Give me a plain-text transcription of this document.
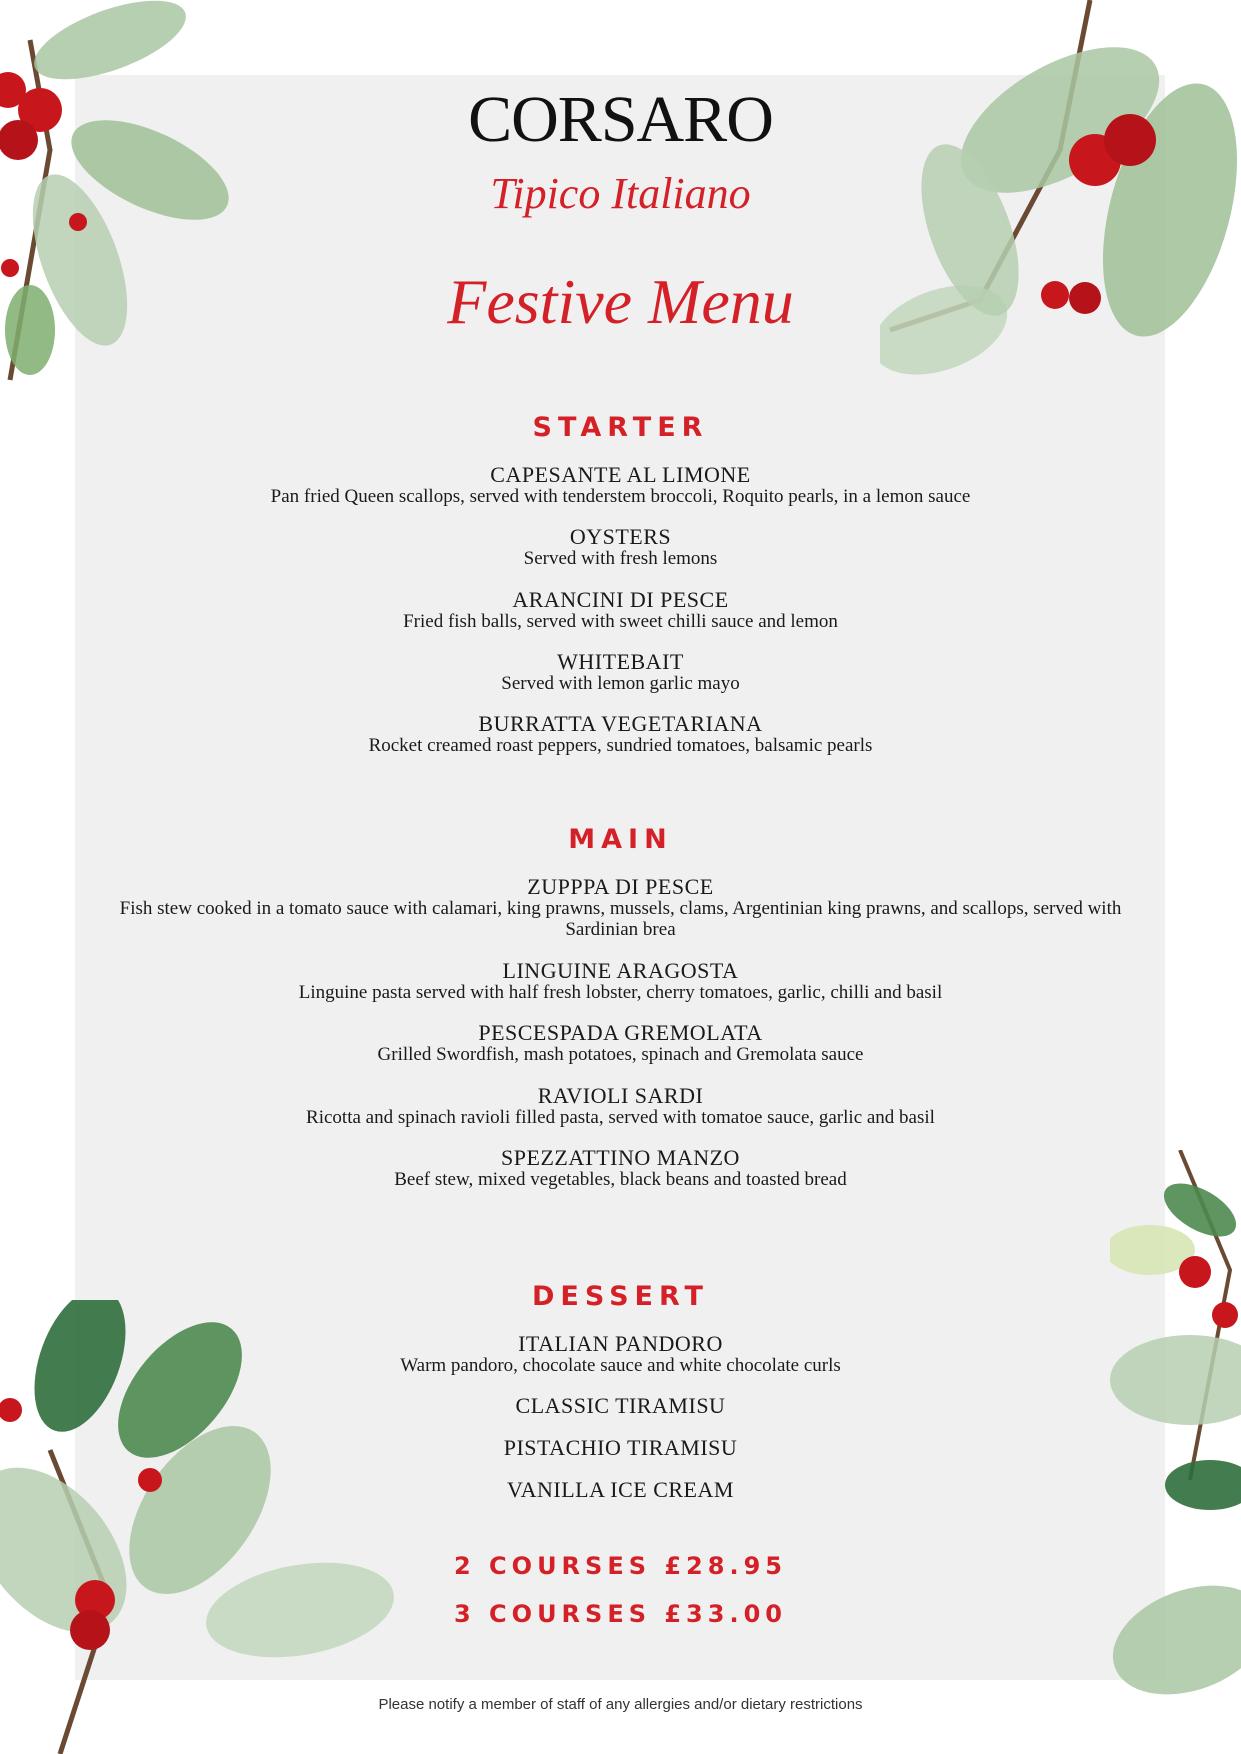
CORSARO
Tipico Italiano
Festive Menu
STARTER
CAPESANTE AL LIMONE
Pan fried Queen scallops, served with tenderstem broccoli, Roquito pearls, in a lemon sauce
OYSTERS
Served with fresh lemons
ARANCINI DI PESCE
Fried fish balls, served with sweet chilli sauce and lemon
WHITEBAIT
Served with lemon garlic mayo
BURRATTA VEGETARIANA
Rocket creamed roast peppers, sundried tomatoes, balsamic pearls
MAIN
ZUPPPA DI PESCE
Fish stew cooked in a tomato sauce with calamari, king prawns, mussels, clams, Argentinian king prawns, and scallops, served with Sardinian brea
LINGUINE ARAGOSTA
Linguine pasta served with half fresh lobster, cherry tomatoes, garlic, chilli and basil
PESCESPADA GREMOLATA
Grilled Swordfish, mash potatoes, spinach and Gremolata sauce
RAVIOLI SARDI
Ricotta and spinach ravioli filled pasta, served with tomatoe sauce, garlic and basil
SPEZZATTINO MANZO
Beef stew, mixed vegetables, black beans and toasted bread
DESSERT
ITALIAN PANDORO
Warm pandoro, chocolate sauce and white chocolate curls
CLASSIC TIRAMISU
PISTACHIO TIRAMISU
VANILLA ICE CREAM
2 COURSES £28.95
3 COURSES £33.00
Please notify a member of staff of any allergies and/or dietary restrictions
